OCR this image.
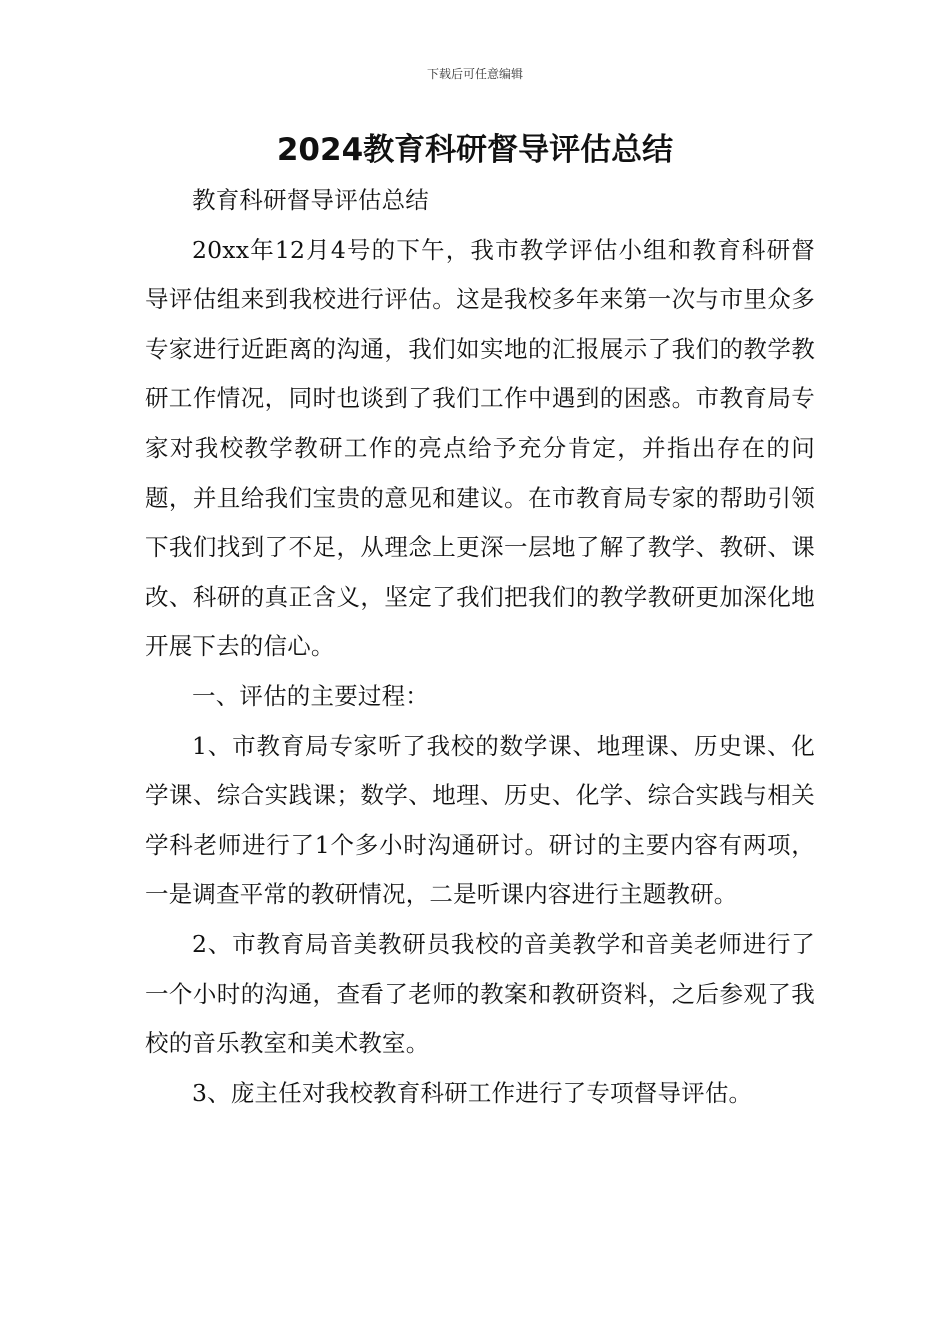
下载后可任意编辑
2024教育科研督导评估总结

教育科研督导评估总结

20xx年12月4号的下午，我市教学评估小组和教育科研督导评估组来到我校进行评估。这是我校多年来第一次与市里众多专家进行近距离的沟通，我们如实地的汇报展示了我们的教学教研工作情况，同时也谈到了我们工作中遇到的困惑。市教育局专家对我校教学教研工作的亮点给予充分肯定，并指出存在的问题，并且给我们宝贵的意见和建议。在市教育局专家的帮助引领下我们找到了不足，从理念上更深一层地了解了教学、教研、课改、科研的真正含义，坚定了我们把我们的教学教研更加深化地开展下去的信心。

一、评估的主要过程：

1、市教育局专家听了我校的数学课、地理课、历史课、化学课、综合实践课；数学、地理、历史、化学、综合实践与相关学科老师进行了1个多小时沟通研讨。研讨的主要内容有两项，一是调查平常的教研情况，二是听课内容进行主题教研。

2、市教育局音美教研员我校的音美教学和音美老师进行了一个小时的沟通，查看了老师的教案和教研资料，之后参观了我校的音乐教室和美术教室。

3、庞主任对我校教育科研工作进行了专项督导评估。
